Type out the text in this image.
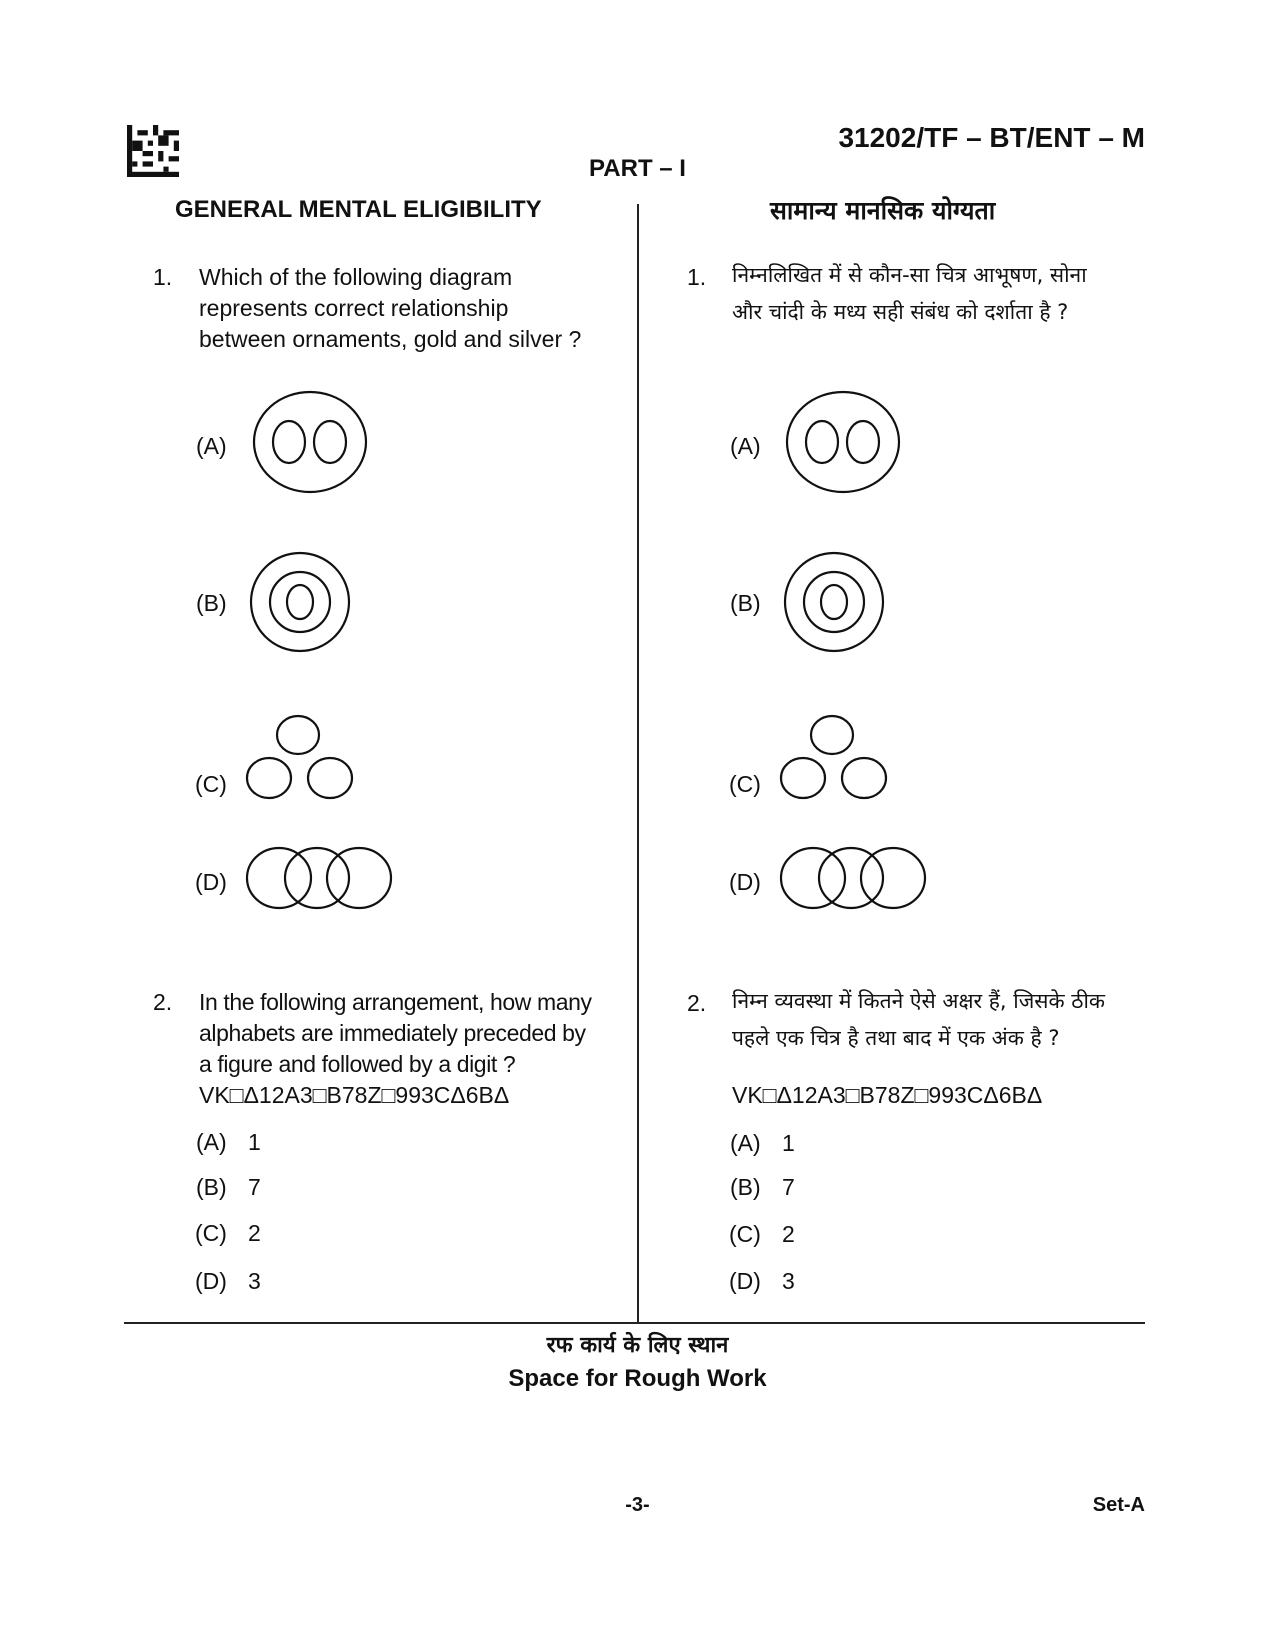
31202/TF – BT/ENT – M
PART – I
GENERAL MENTAL ELIGIBILITY	सामान्य मानसिक योग्यता
1. Which of the following diagram
represents correct relationship
between ornaments, gold and silver ?
(A)
(B)
(C)
(D)
1. निम्नलिखित में से कौन-सा चित्र आभूषण, सोना
और चांदी के मध्य सही संबंध को दर्शाता है ?
(A)
(B)
(C)
(D)
2. In the following arrangement, how many
alphabets are immediately preceded by
a figure and followed by a digit ?
VK□Δ12A3□B78Z□993CΔ6BΔ
(A) 1
(B) 7
(C) 2
(D) 3
2. निम्न व्यवस्था में कितने ऐसे अक्षर हैं, जिसके ठीक
पहले एक चित्र है तथा बाद में एक अंक है ?
VK□Δ12A3□B78Z□993CΔ6BΔ
(A) 1
(B) 7
(C) 2
(D) 3
रफ कार्य के लिए स्थान
Space for Rough Work
-3-	Set-A
